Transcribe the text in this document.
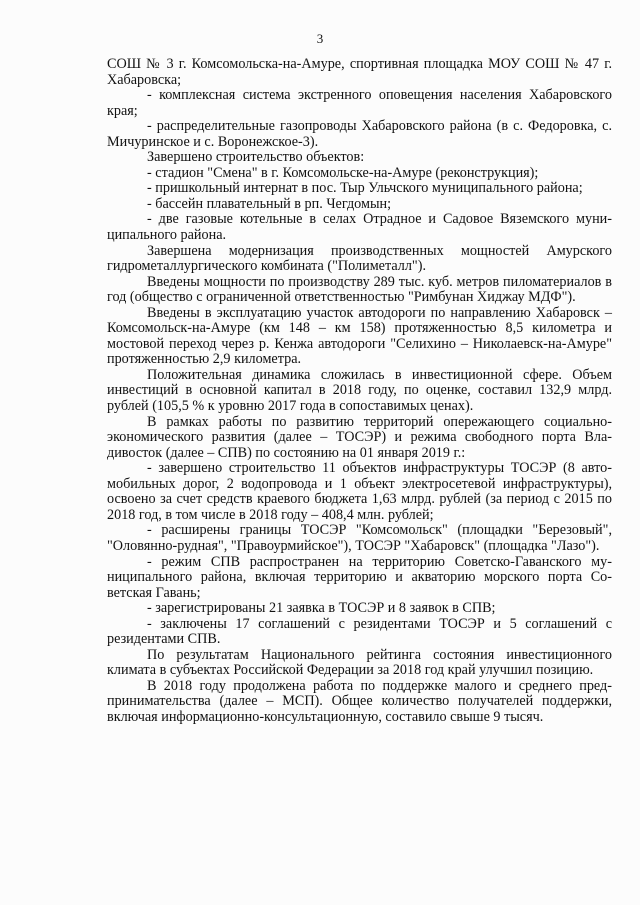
3

СОШ № 3 г. Комсомольска-на-Амуре, спортивная площадка МОУ СОШ № 47 г. Хабаровска;

- комплексная система экстренного оповещения населения Хабаровского края;

- распределительные газопроводы Хабаровского района (в с. Федоровка, с. Мичуринское и с. Воронежское-3).

Завершено строительство объектов:

- стадион "Смена" в г. Комсомольске-на-Амуре (реконструкция);

- пришкольный интернат в пос. Тыр Ульчского муниципального района;

- бассейн плавательный в рп. Чегдомын;

- две газовые котельные в селах Отрадное и Садовое Вяземского муниципального района.

Завершена модернизация производственных мощностей Амурского гидрометаллургического комбината ("Полиметалл").

Введены мощности по производству 289 тыс. куб. метров пиломатериалов в год (общество с ограниченной ответственностью "Римбунан Хиджау МДФ").

Введены в эксплуатацию участок автодороги по направлению Хабаровск – Комсомольск-на-Амуре (км 148 – км 158) протяженностью 8,5 километра и мостовой переход через р. Кенжа автодороги "Селихино – Николаевск-на-Амуре" протяженностью 2,9 километра.

Положительная динамика сложилась в инвестиционной сфере. Объем инвестиций в основной капитал в 2018 году, по оценке, составил 132,9 млрд. рублей (105,5 % к уровню 2017 года в сопоставимых ценах).

В рамках работы по развитию территорий опережающего социально-экономического развития (далее – ТОСЭР) и режима свободного порта Владивосток (далее – СПВ) по состоянию на 01 января 2019 г.:

- завершено строительство 11 объектов инфраструктуры ТОСЭР (8 автомобильных дорог, 2 водопровода и 1 объект электросетевой инфраструктуры), освоено за счет средств краевого бюджета 1,63 млрд. рублей (за период с 2015 по 2018 год, в том числе в 2018 году – 408,4 млн. рублей;

- расширены границы ТОСЭР "Комсомольск" (площадки "Березовый", "Оловянно-рудная", "Правоурмийское"), ТОСЭР "Хабаровск" (площадка "Лазо").

- режим СПВ распространен на территорию Советско-Гаванского муниципального района, включая территорию и акваторию морского порта Советская Гавань;

- зарегистрированы 21 заявка в ТОСЭР и 8 заявок в СПВ;

- заключены 17 соглашений с резидентами ТОСЭР и 5 соглашений с резидентами СПВ.

По результатам Национального рейтинга состояния инвестиционного климата в субъектах Российской Федерации за 2018 год край улучшил позицию.

В 2018 году продолжена работа по поддержке малого и среднего предпринимательства (далее – МСП). Общее количество получателей поддержки, включая информационно-консультационную, составило свыше 9 тысяч.
